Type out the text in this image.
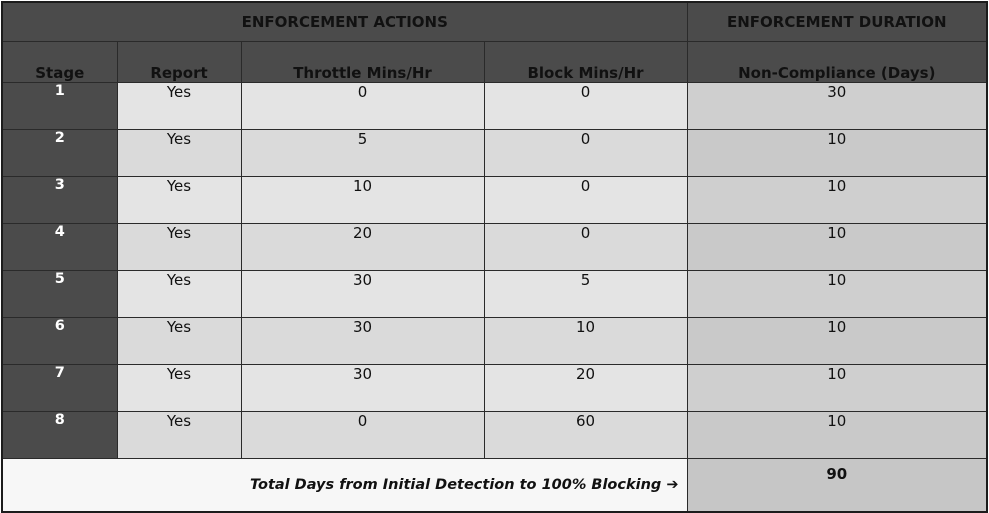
ENFORCEMENT ACTIONS				ENFORCEMENT DURATION
Stage	Report	Throttle Mins/Hr	Block Mins/Hr	Non-Compliance (Days)
1	Yes	0	0	30
2	Yes	5	0	10
3	Yes	10	0	10
4	Yes	20	0	10
5	Yes	30	5	10
6	Yes	30	10	10
7	Yes	30	20	10
8	Yes	0	60	10
Total Days from Initial Detection to 100% Blocking ➔				90
